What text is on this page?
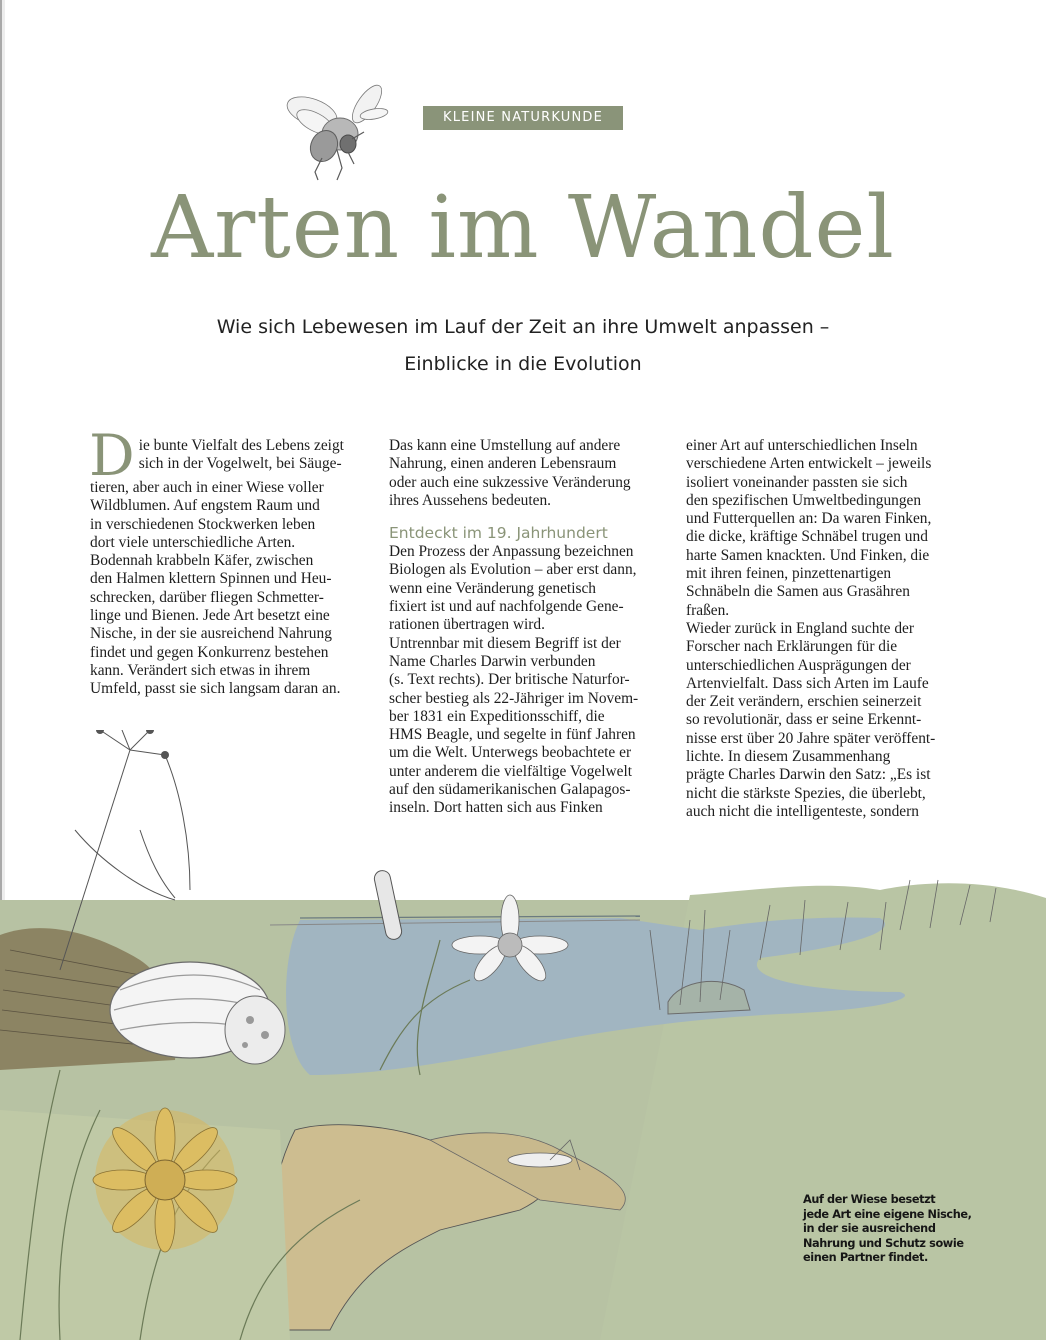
KLEINE NATURKUNDE
Arten im Wandel
Wie sich Lebewesen im Lauf der Zeit an ihre Umwelt anpassen –
Einblicke in die Evolution
D ie bunte Vielfalt des Lebens zeigt

sich in der Vogelwelt, bei Säuge-

tieren, aber auch in einer Wiese voller

Wildblumen. Auf engstem Raum und

in verschiedenen Stockwerken leben

dort viele unterschiedliche Arten.

Bodennah krabbeln Käfer, zwischen

den Halmen klettern Spinnen und Heu-

schrecken, darüber fliegen Schmetter-

linge und Bienen. Jede Art besetzt eine

Nische, in der sie ausreichend Nahrung

findet und gegen Konkurrenz bestehen

kann. Verändert sich etwas in ihrem

Umfeld, passt sie sich langsam daran an.

Das kann eine Umstellung auf andere

Nahrung, einen anderen Lebensraum

oder auch eine sukzessive Veränderung

ihres Aussehens bedeuten.

Entdeckt im 19. Jahrhundert

Den Prozess der Anpassung bezeichnen

Biologen als Evolution – aber erst dann,

wenn eine Veränderung genetisch

fixiert ist und auf nachfolgende Gene-

rationen übertragen wird.

Untrennbar mit diesem Begriff ist der

Name Charles Darwin verbunden

(s. Text rechts). Der britische Naturfor-

scher bestieg als 22-Jähriger im Novem-

ber 1831 ein Expeditionsschiff, die

HMS Beagle, und segelte in fünf Jahren

um die Welt. Unterwegs beobachtete er

unter anderem die vielfältige Vogelwelt

auf den südamerikanischen Galapagos-

inseln. Dort hatten sich aus Finken

einer Art auf unterschiedlichen Inseln

verschiedene Arten entwickelt – jeweils

isoliert voneinander passten sie sich

den spezifischen Umweltbedingungen

und Futterquellen an: Da waren Finken,

die dicke, kräftige Schnäbel trugen und

harte Samen knackten. Und Finken, die

mit ihren feinen, pinzettenartigen

Schnäbeln die Samen aus Grasähren

fraßen.

Wieder zurück in England suchte der

Forscher nach Erklärungen für die

unterschiedlichen Ausprägungen der

Artenvielfalt. Dass sich Arten im Laufe

der Zeit verändern, erschien seinerzeit

so revolutionär, dass er seine Erkennt-

nisse erst über 20 Jahre später veröffent-

lichte. In diesem Zusammenhang

prägte Charles Darwin den Satz: „Es ist

nicht die stärkste Spezies, die überlebt,

auch nicht die intelligenteste, sondern

Auf der Wiese besetzt
jede Art eine eigene Nische,
in der sie ausreichend
Nahrung und Schutz sowie
einen Partner findet.
